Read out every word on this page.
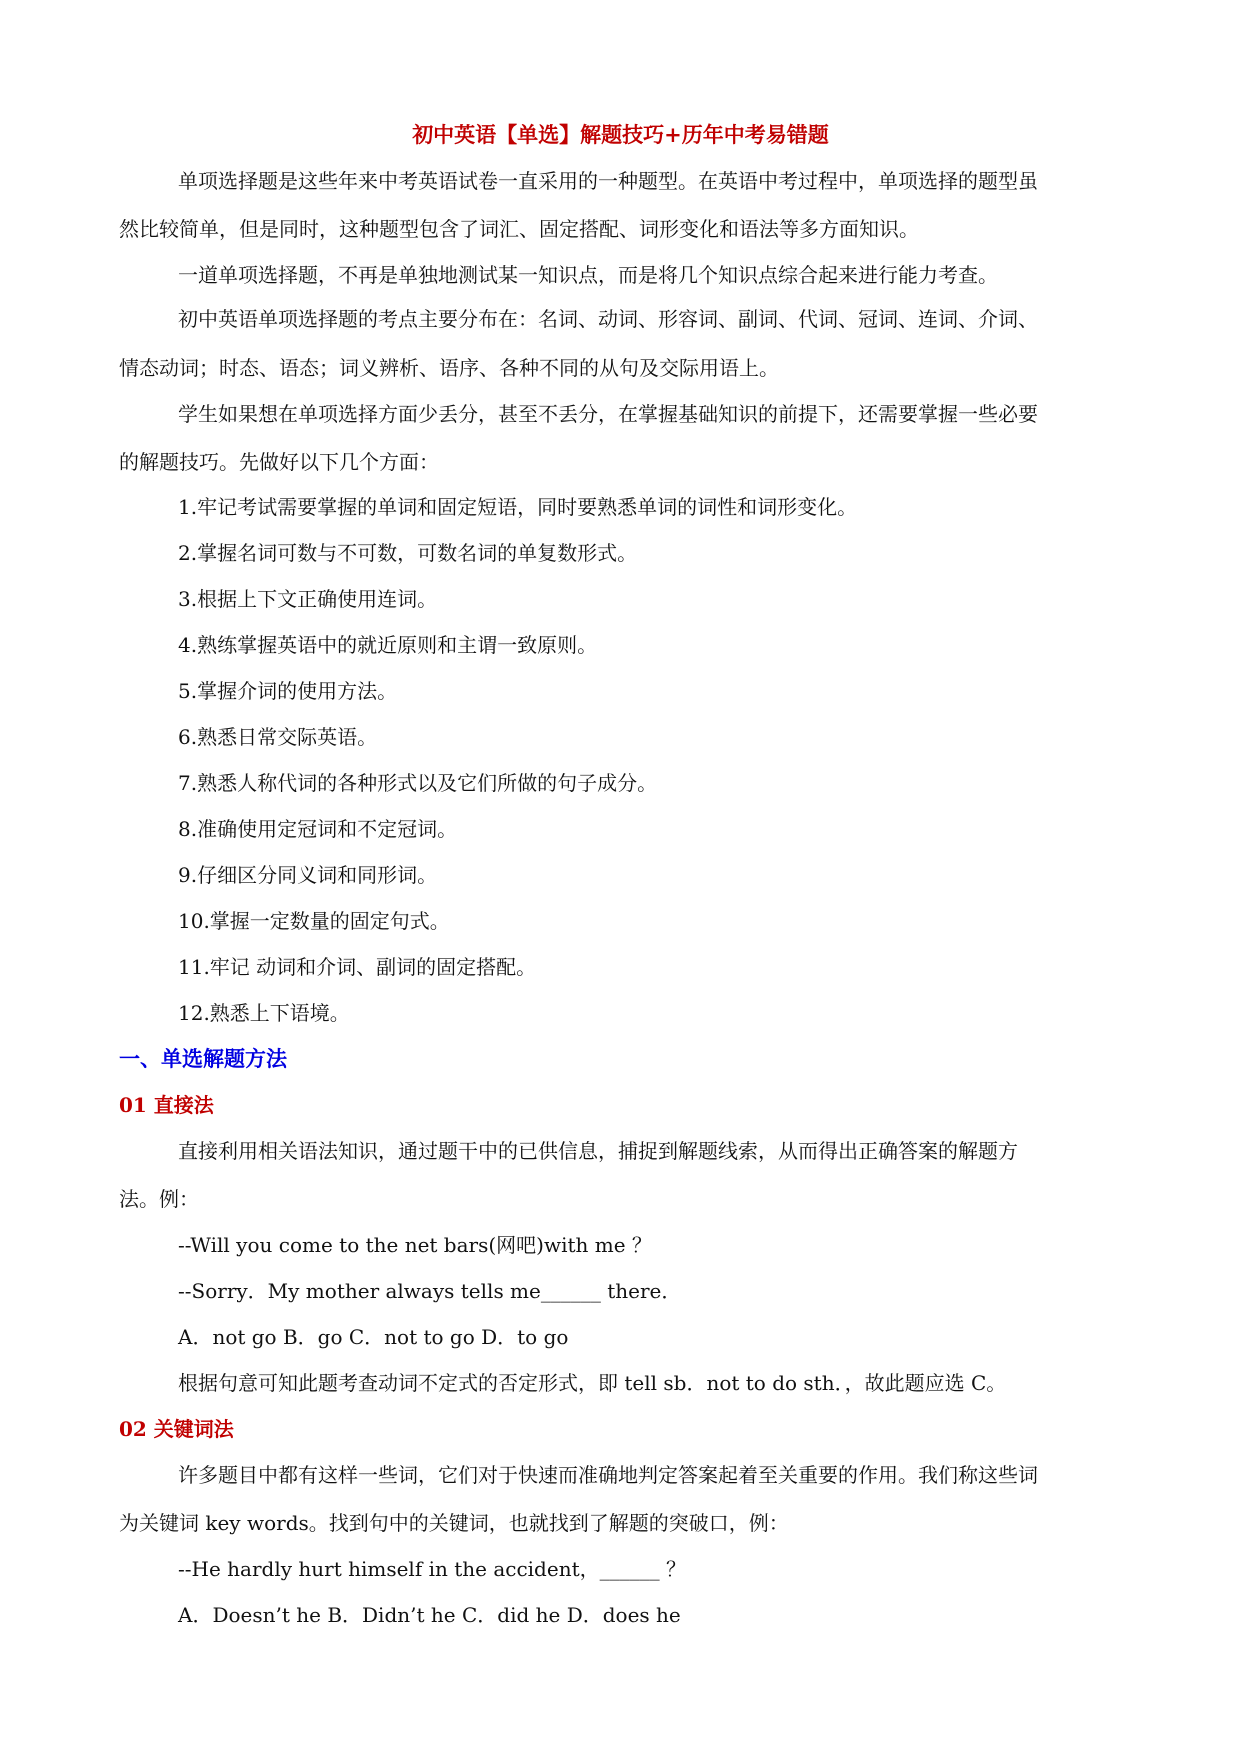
初中英语【单选】解题技巧+历年中考易错题
单项选择题是这些年来中考英语试卷一直采用的一种题型。在英语中考过程中，单项选择的题型虽
然比较简单，但是同时，这种题型包含了词汇、固定搭配、词形变化和语法等多方面知识。
一道单项选择题，不再是单独地测试某一知识点，而是将几个知识点综合起来进行能力考查。
初中英语单项选择题的考点主要分布在：名词、动词、形容词、副词、代词、冠词、连词、介词、
情态动词；时态、语态；词义辨析、语序、各种不同的从句及交际用语上。
学生如果想在单项选择方面少丢分，甚至不丢分，在掌握基础知识的前提下，还需要掌握一些必要
的解题技巧。先做好以下几个方面：
1.牢记考试需要掌握的单词和固定短语，同时要熟悉单词的词性和词形变化。
2.掌握名词可数与不可数，可数名词的单复数形式。
3.根据上下文正确使用连词。
4.熟练掌握英语中的就近原则和主谓一致原则。
5.掌握介词的使用方法。
6.熟悉日常交际英语。
7.熟悉人称代词的各种形式以及它们所做的句子成分。
8.准确使用定冠词和不定冠词。
9.仔细区分同义词和同形词。
10.掌握一定数量的固定句式。
11.牢记 动词和介词、副词的固定搭配。
12.熟悉上下语境。
一、单选解题方法
01 直接法
直接利用相关语法知识，通过题干中的已供信息，捕捉到解题线索，从而得出正确答案的解题方
法。例：
--Will you come to the net bars(网吧)with me ？
--Sorry．My mother always tells me______ there．
A．not go B．go C．not to go D．to go
根据句意可知此题考查动词不定式的否定形式，即 tell sb．not to do sth．，故此题应选 C。
02 关键词法
许多题目中都有这样一些词，它们对于快速而准确地判定答案起着至关重要的作用。我们称这些词
为关键词 key words。找到句中的关键词，也就找到了解题的突破口，例：
--He hardly hurt himself in the accident，______ ？
A．Doesn’t he B．Didn’t he C．did he D．does he
